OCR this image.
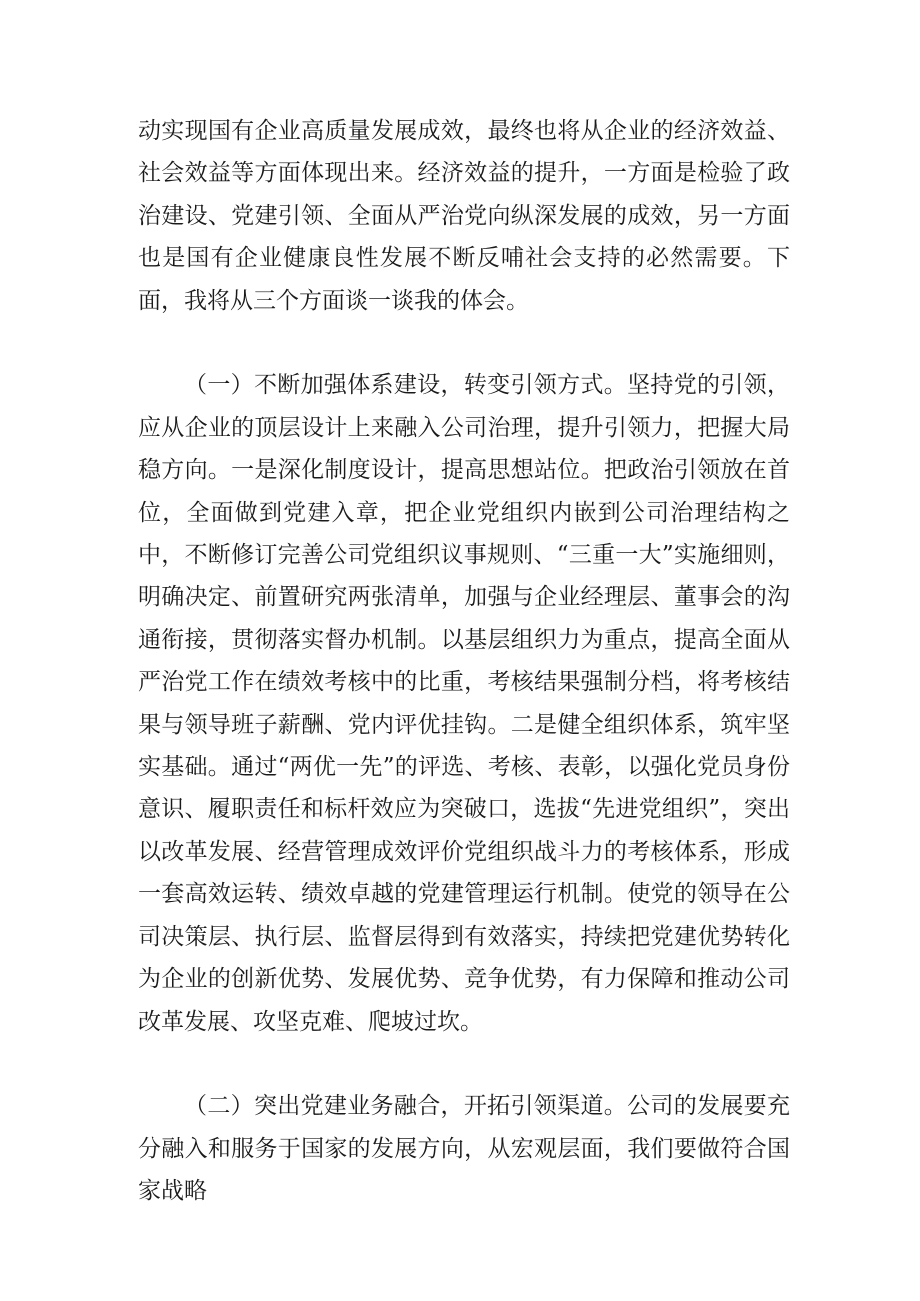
动实现国有企业高质量发展成效，最终也将从企业的经济效益、社会效益等方面体现出来。经济效益的提升，一方面是检验了政治建设、党建引领、全面从严治党向纵深发展的成效，另一方面也是国有企业健康良性发展不断反哺社会支持的必然需要。下面，我将从三个方面谈一谈我的体会。

（一）不断加强体系建设，转变引领方式。坚持党的引领，应从企业的顶层设计上来融入公司治理，提升引领力，把握大局稳方向。一是深化制度设计，提高思想站位。把政治引领放在首位，全面做到党建入章，把企业党组织内嵌到公司治理结构之中，不断修订完善公司党组织议事规则、“三重一大”实施细则，明确决定、前置研究两张清单，加强与企业经理层、董事会的沟通衔接，贯彻落实督办机制。以基层组织力为重点，提高全面从严治党工作在绩效考核中的比重，考核结果强制分档，将考核结果与领导班子薪酬、党内评优挂钩。二是健全组织体系，筑牢坚实基础。通过“两优一先”的评选、考核、表彰，以强化党员身份意识、履职责任和标杆效应为突破口，选拔“先进党组织”，突出以改革发展、经营管理成效评价党组织战斗力的考核体系，形成一套高效运转、绩效卓越的党建管理运行机制。使党的领导在公司决策层、执行层、监督层得到有效落实，持续把党建优势转化为企业的创新优势、发展优势、竞争优势，有力保障和推动公司改革发展、攻坚克难、爬坡过坎。

（二）突出党建业务融合，开拓引领渠道。公司的发展要充分融入和服务于国家的发展方向，从宏观层面，我们要做符合国家战略
